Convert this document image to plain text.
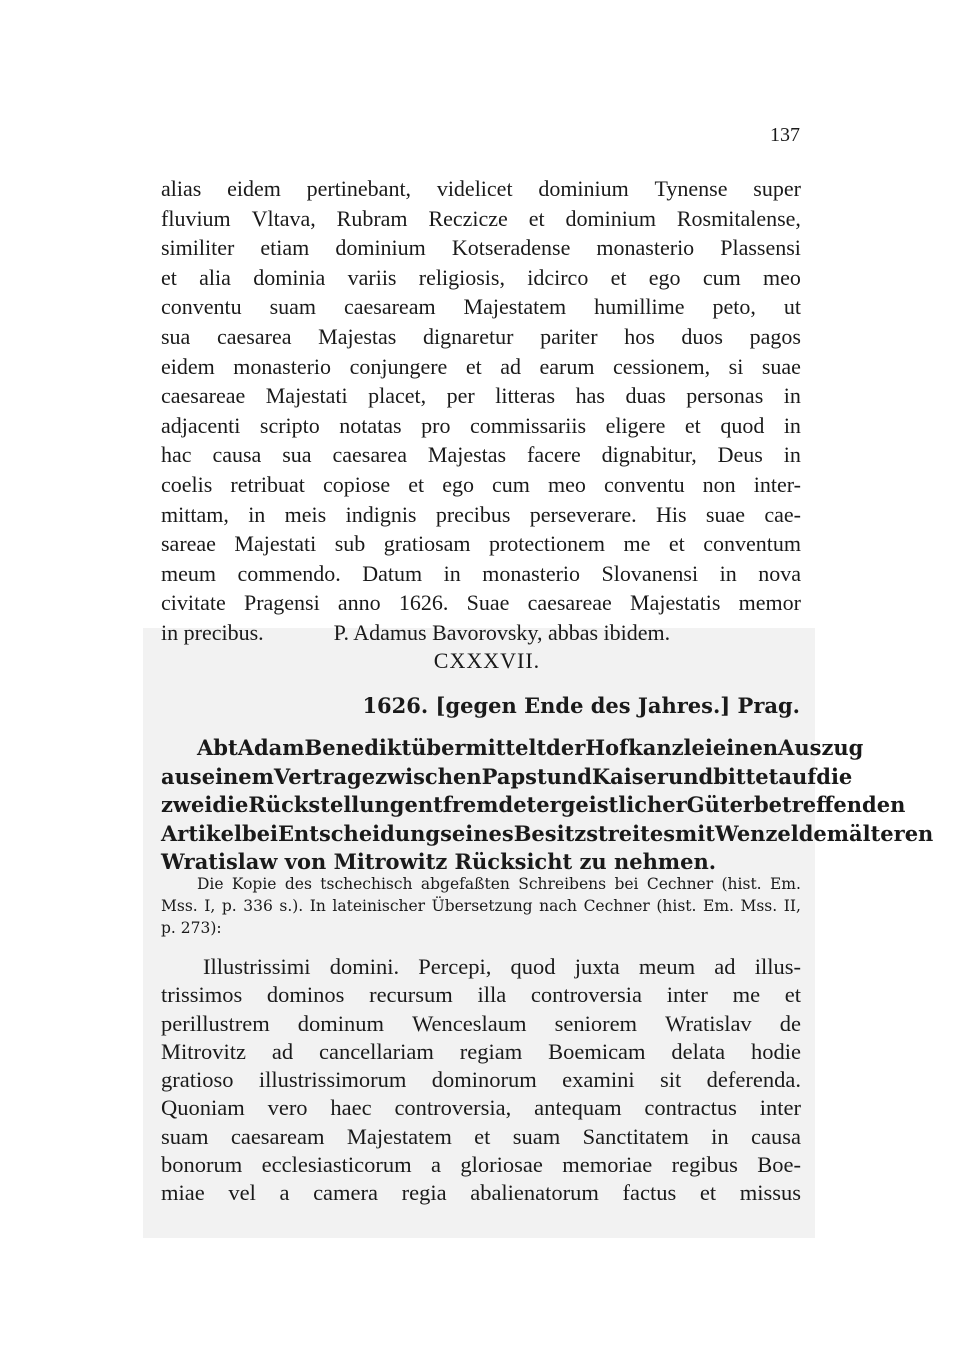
137
alias eidem pertinebant, videlicet dominium Tynense super
fluvium Vltava, Rubram Reczicze et dominium Rosmitalense,
similiter etiam dominium Kotseradense monasterio Plassensi
et alia dominia variis religiosis, idcirco et ego cum meo
conventu suam caesaream Majestatem humillime peto, ut
sua caesarea Majestas dignaretur pariter hos duos pagos
eidem monasterio conjungere et ad earum cessionem, si suae
caesareae Majestati placet, per litteras has duas personas in
adjacenti scripto notatas pro commissariis eligere et quod in
hac causa sua caesarea Majestas facere dignabitur, Deus in
coelis retribuat copiose et ego cum meo conventu non inter-
mittam, in meis indignis precibus perseverare. His suae cae-
sareae Majestati sub gratiosam protectionem me et conventum
meum commendo. Datum in monasterio Slovanensi in nova
civitate Pragensi anno 1626. Suae caesareae Majestatis memor
in precibus.	P. Adamus Bavorovsky, abbas ibidem.
CXXXVII.
1626. [gegen Ende des Jahres.] Prag.
Abt Adam Benedikt übermittelt der Hofkanzlei einen Auszug
aus einem Vertrage zwischen Papst und Kaiser und bittet auf die
zwei die Rückstellung entfremdeter geistlicher Güter betreffenden
Artikel bei Entscheidung seines Besitzstreites mit Wenzel dem älteren
Wratislaw von Mitrowitz Rücksicht zu nehmen.
Die Kopie des tschechisch abgefaßten Schreibens bei Cechner (hist. Em.
Mss. I, p. 336 s.). In lateinischer Übersetzung nach Cechner (hist. Em. Mss. II,
p. 273):
Illustrissimi domini. Percepi, quod juxta meum ad illus-
trissimos dominos recursum illa controversia inter me et
perillustrem dominum Wenceslaum seniorem Wratislav de
Mitrovitz ad cancellariam regiam Boemicam delata hodie
gratioso illustrissimorum dominorum examini sit deferenda.
Quoniam vero haec controversia, antequam contractus inter
suam caesaream Majestatem et suam Sanctitatem in causa
bonorum ecclesiasticorum a gloriosae memoriae regibus Boe-
miae vel a camera regia abalienatorum factus et missus
